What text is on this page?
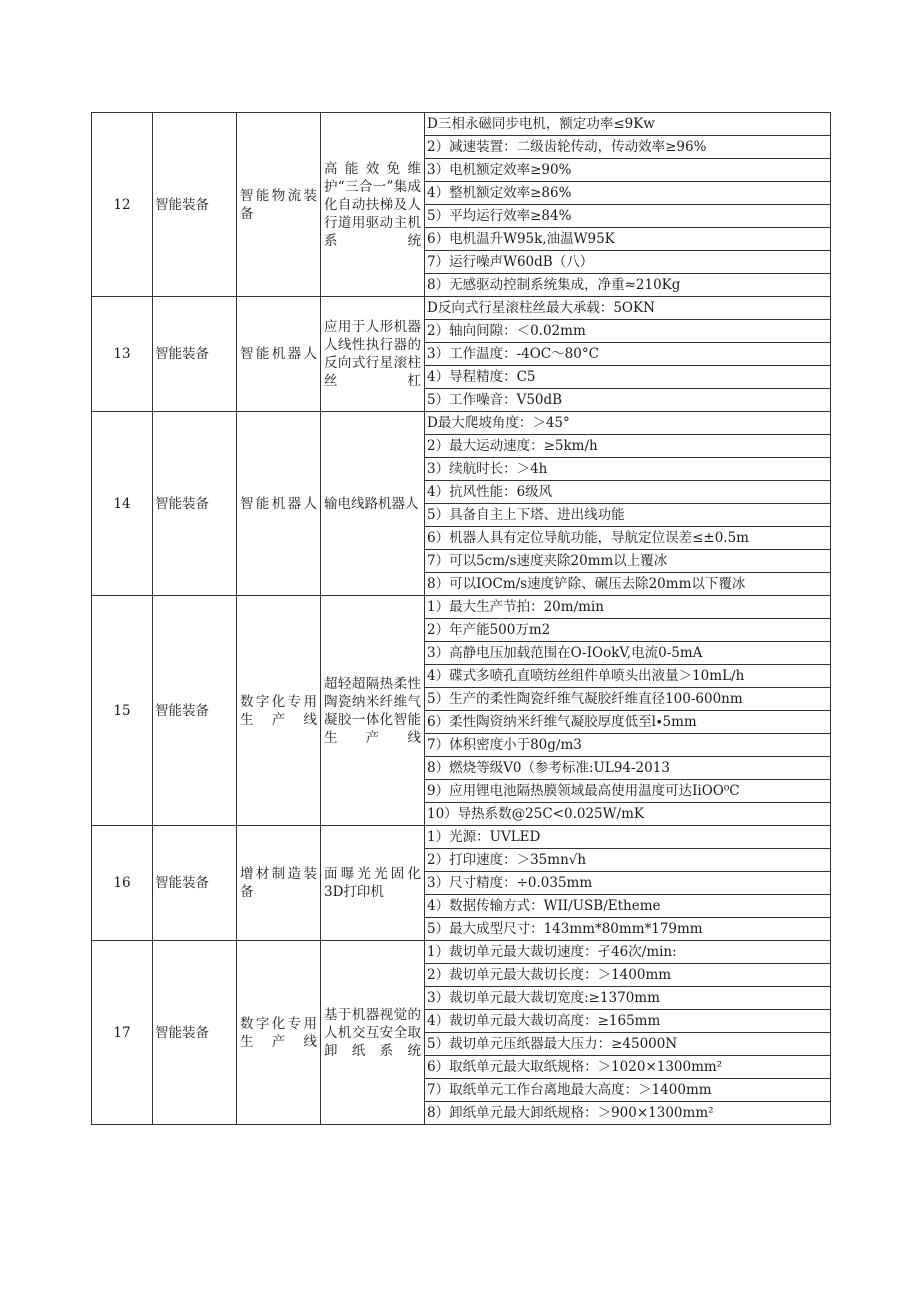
12	智能装备	智能物流装备	高能效免维护“三合一”集成化自动扶梯及人行道用驱动主机系统	D三相永磁同步电机，额定功率≤9Kw
				2）减速装置：二级齿轮传动，传动效率≥96%
				3）电机额定效率≥90%
				4）整机额定效率≥86%
				5）平均运行效率≥84%
				6）电机温升W95k,油温W95K
				7）运行噪声W60dB（八）
				8）无感驱动控制系统集成，净重≈210Kg
13	智能装备	智能机器人	应用于人形机器人线性执行器的反向式行星滚柱丝杠	D反向式行星滚柱丝最大承载：5OKN
				2）轴向间隙：＜0.02mm
				3）工作温度：-4OC～80°C
				4）导程精度：C5
				5）工作噪音：V50dB
14	智能装备	智能机器人	输电线路机器人	D最大爬坡角度：＞45°
				2）最大运动速度：≥5km∕h
				3）续航时长：＞4h
				4）抗风性能：6级风
				5）具备自主上下塔、进出线功能
				6）机器人具有定位导航功能，导航定位误差≤±0.5m
				7）可以5cm∕s速度夹除20mm以上覆冰
				8）可以IOCm/s速度铲除、碾压去除20mm以下覆冰
15	智能装备	数字化专用生产线	超轻超隔热柔性陶瓷纳米纤维气凝胶一体化智能生产线	1）最大生产节拍：20m∕min
				2）年产能500万m2
				3）高静电压加载范围在O-IOokV,电流0-5mA
				4）碟式多喷孔直喷纺丝组件单喷头出液量＞10mL∕h
				5）生产的柔性陶瓷纤维气凝胶纤维直径100-600nm
				6）柔性陶资纳米纤维气凝胶厚度低至l∙5mm
				7）体积密度小于80g∕m3
				8）燃烧等级V0（参考标准:UL94-2013
				9）应用锂电池隔热膜领域最高使用温度可达IiOO⁰C
				10）导热系数@25C<0.025W/mK
16	智能装备	增材制造装备	面曝光光固化3D打印机	1）光源：UVLED
				2）打印速度：＞35mn√h
				3）尺寸精度：÷0.035mm
				4）数据传输方式：WII∕USB∕Etheme
				5）最大成型尺寸：143mm*80mm*179mm
17	智能装备	数字化专用生产线	基于机器视觉的人机交互安全取卸纸系统	1）裁切单元最大裁切速度：孑46次/min:
				2）裁切单元最大裁切长度：＞1400mm
				3）裁切单元最大裁切宽度:≥1370mm
				4）裁切单元最大裁切高度：≥165mm
				5）裁切单元压纸器最大压力：≥45000N
				6）取纸单元最大取纸规格：＞1020×1300mm²
				7）取纸单元工作台离地最大高度：＞1400mm
				8）卸纸单元最大卸纸规格：＞900×1300mm²
